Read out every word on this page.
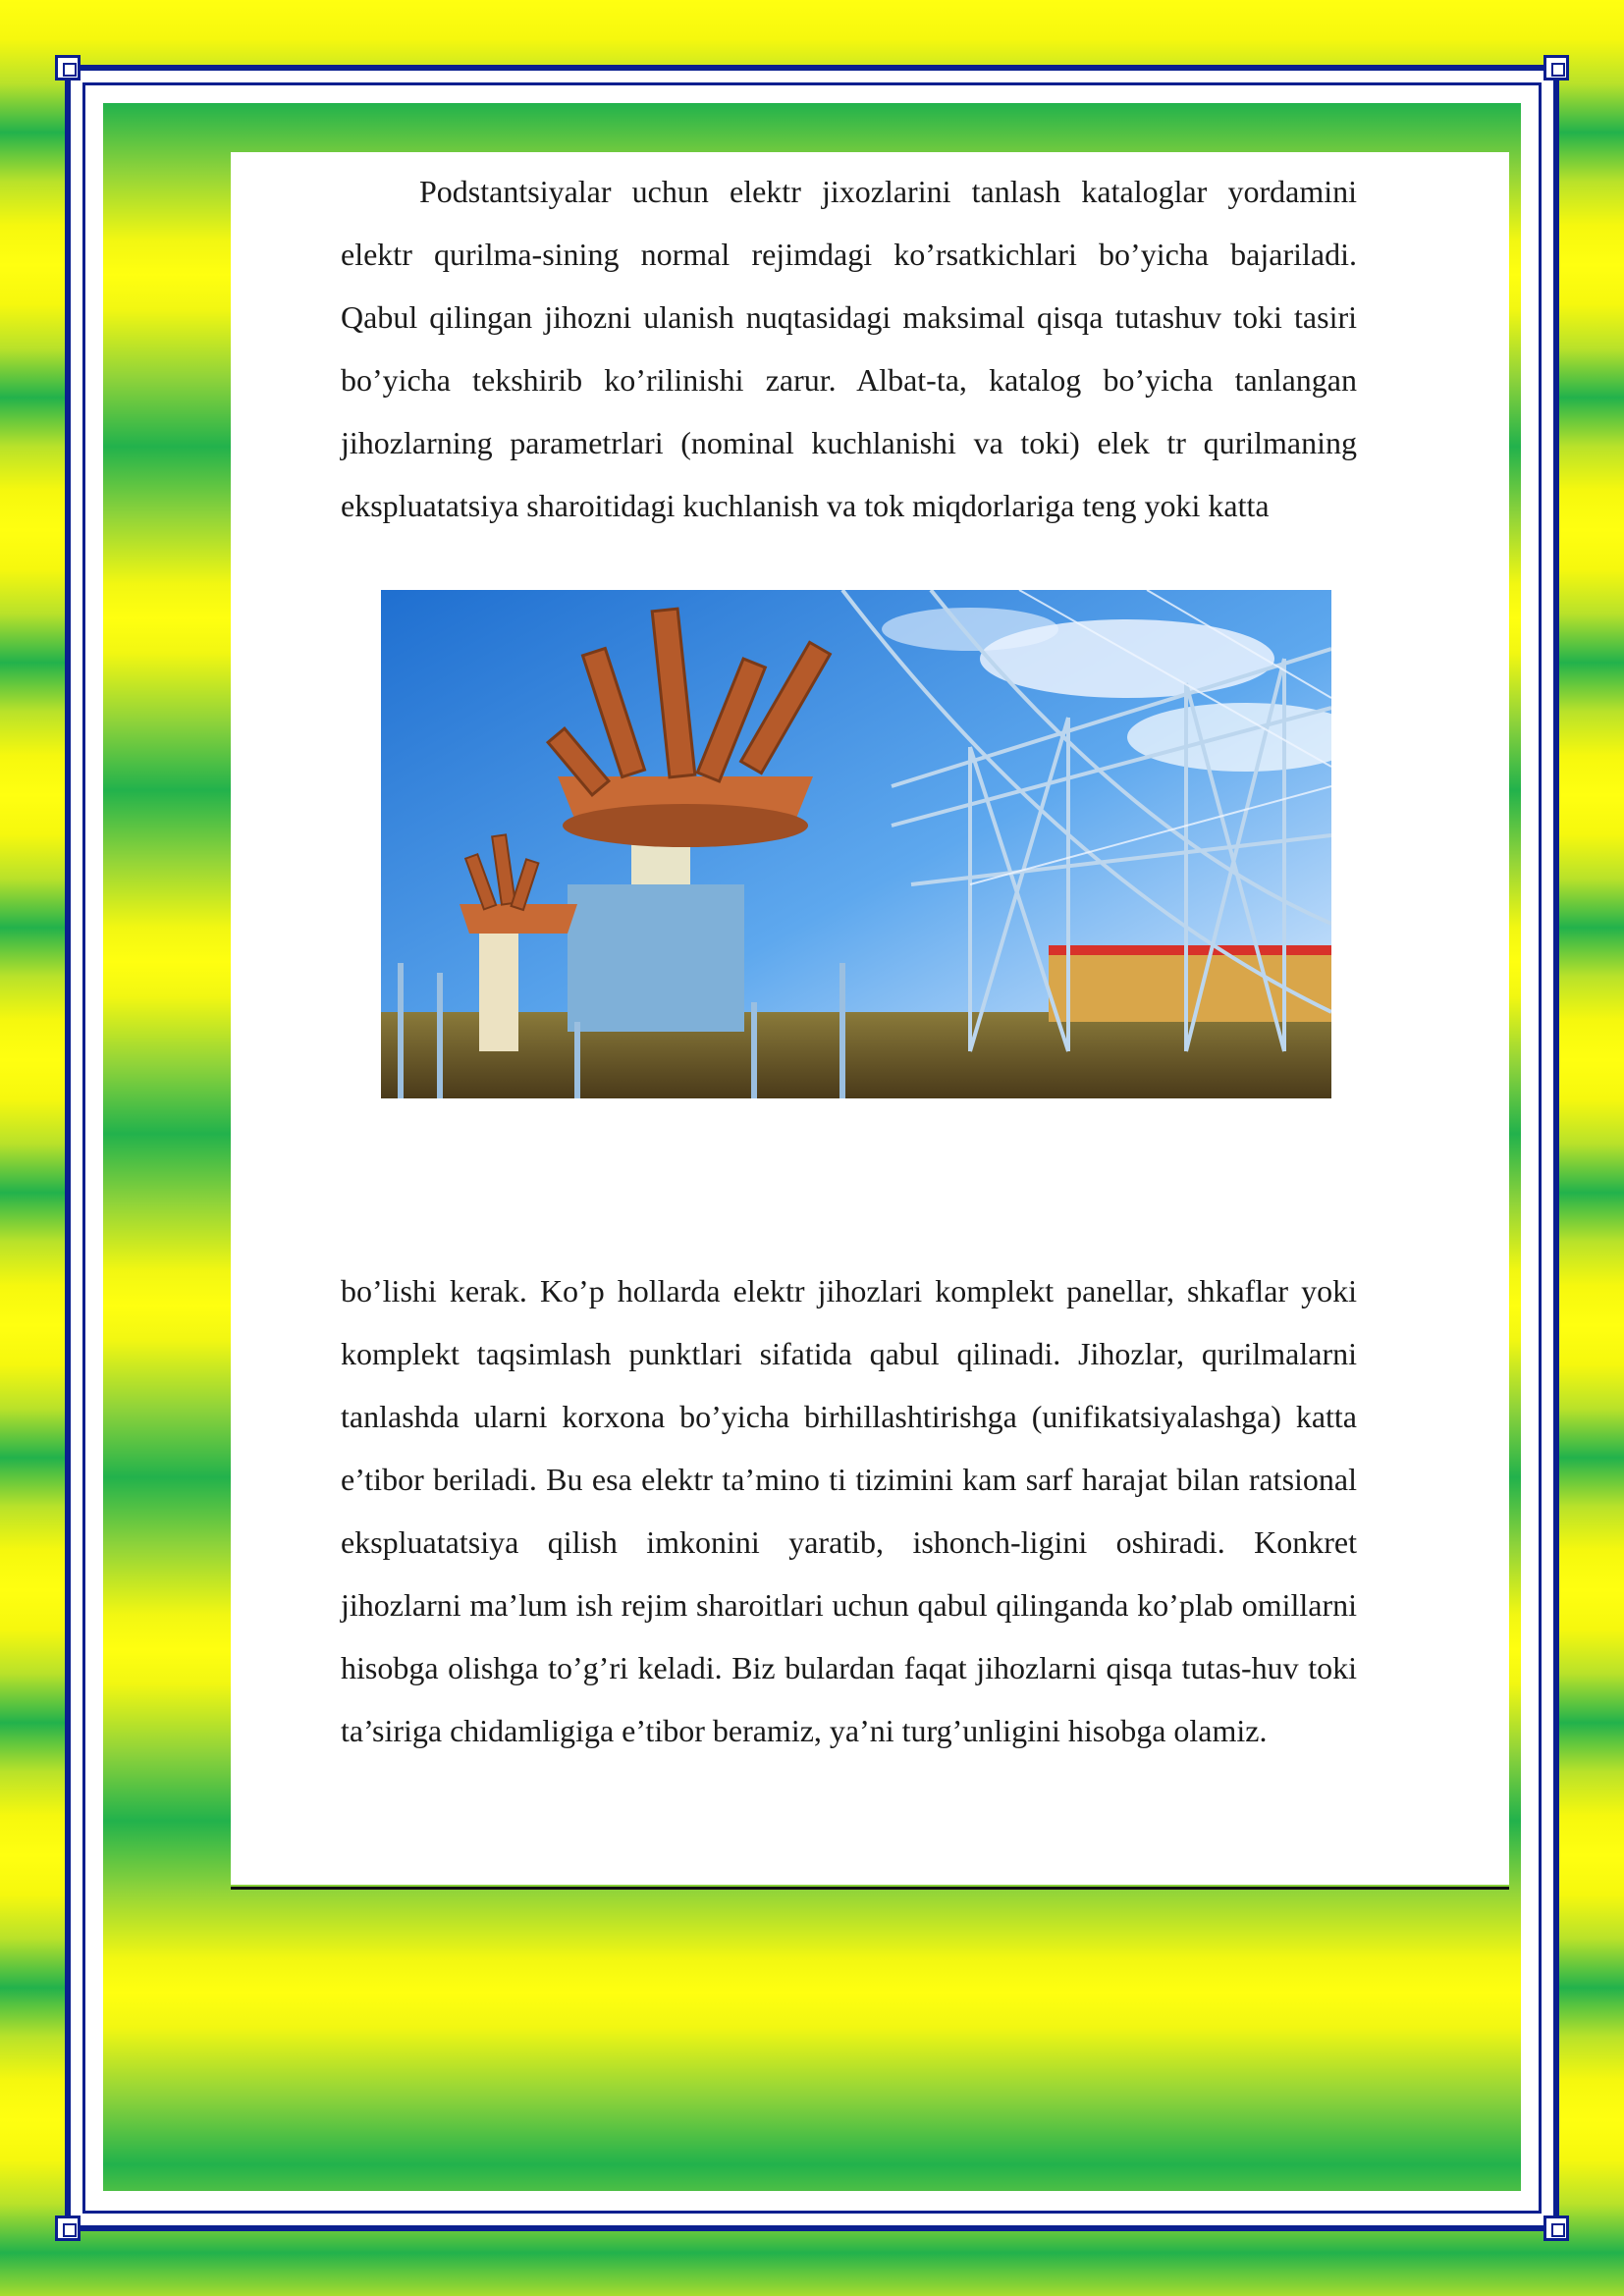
Podstantsiyalar uchun elektr jixozlarini tanlash kataloglar yordamini elektr qurilma-sining normal rejimdagi ko’rsatkichlari bo’yicha bajariladi. Qabul qilingan jihozni ulanish nuqtasidagi maksimal qisqa tutashuv toki tasiri bo’yicha tekshirib ko’rilinishi zarur. Albat-ta, katalog bo’yicha tanlangan jihozlarning parametrlari (nominal kuchlanishi va toki) elek tr qurilmaning ekspluatatsiya sharoitidagi kuchlanish va tok miqdorlariga teng yoki katta

bo’lishi kerak. Ko’p hollarda elektr jihozlari komplekt panellar, shkaflar yoki komplekt taqsimlash punktlari sifatida qabul qilinadi. Jihozlar, qurilmalarni tanlashda ularni korxona bo’yicha birhillashtirishga (unifikatsiyalashga) katta e’tibor beriladi. Bu esa elektr ta’mino ti tizimini kam sarf harajat bilan ratsional ekspluatatsiya qilish imkonini yaratib, ishonch-ligini oshiradi. Konkret jihozlarni ma’lum ish rejim sharoitlari uchun qabul qilinganda ko’plab omillarni hisobga olishga to’g’ri keladi. Biz bulardan faqat jihozlarni qisqa tutas-huv toki ta’siriga chidamligiga e’tibor beramiz, ya’ni turg’unligini hisobga olamiz.
